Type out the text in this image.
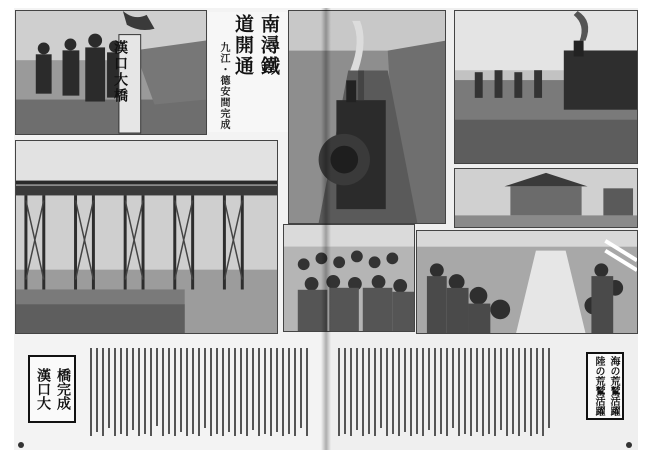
漢口大橋	南潯鐵
道開通
九江・德安間完成
漢口大 橋完成	陸の荒鷲活躍 海の荒鷲活躍
